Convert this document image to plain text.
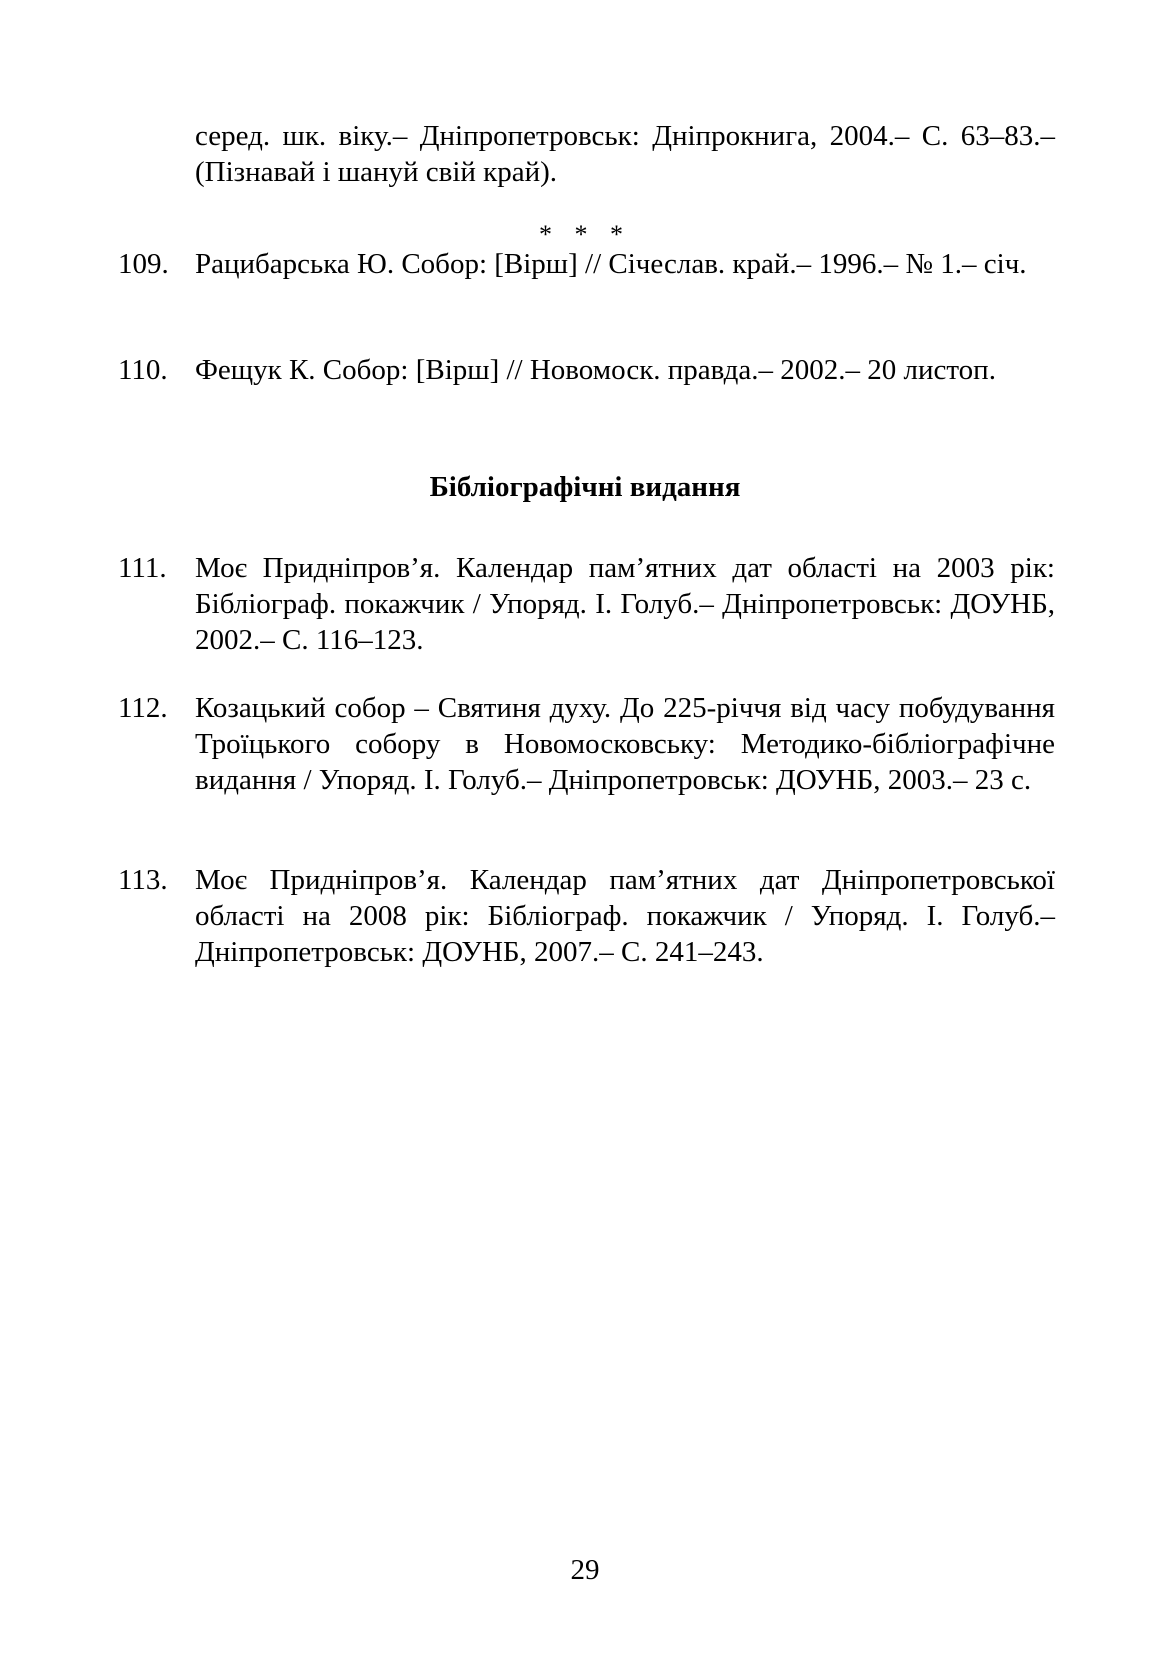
серед. шк. віку.– Дніпропетровськ: Дніпрокнига, 2004.– С. 63–83.– (Пізнавай і шануй свій край).
* * *
109. Рацибарська Ю. Собор: [Вірш] // Січеслав. край.– 1996.– № 1.– січ.
110. Фещук К. Собор: [Вірш] // Новомоск. правда.– 2002.– 20 листоп.
Бібліографічні видання
111. Моє Придніпров’я. Календар пам’ятних дат області на 2003 рік: Бібліограф. покажчик / Упоряд. І. Голуб.– Дніпропетровськ: ДОУНБ, 2002.– С. 116–123.
112. Козацький собор – Святиня духу. До 225-річчя від часу побудування Троїцького собору в Новомосковську: Методико-бібліографічне видання / Упоряд. І. Голуб.– Дніпропетровськ: ДОУНБ, 2003.– 23 с.
113. Моє Придніпров’я. Календар пам’ятних дат Дніпропетровської області на 2008 рік: Бібліограф. покажчик / Упоряд. І. Голуб.– Дніпропетровськ: ДОУНБ, 2007.– С. 241–243.
29
